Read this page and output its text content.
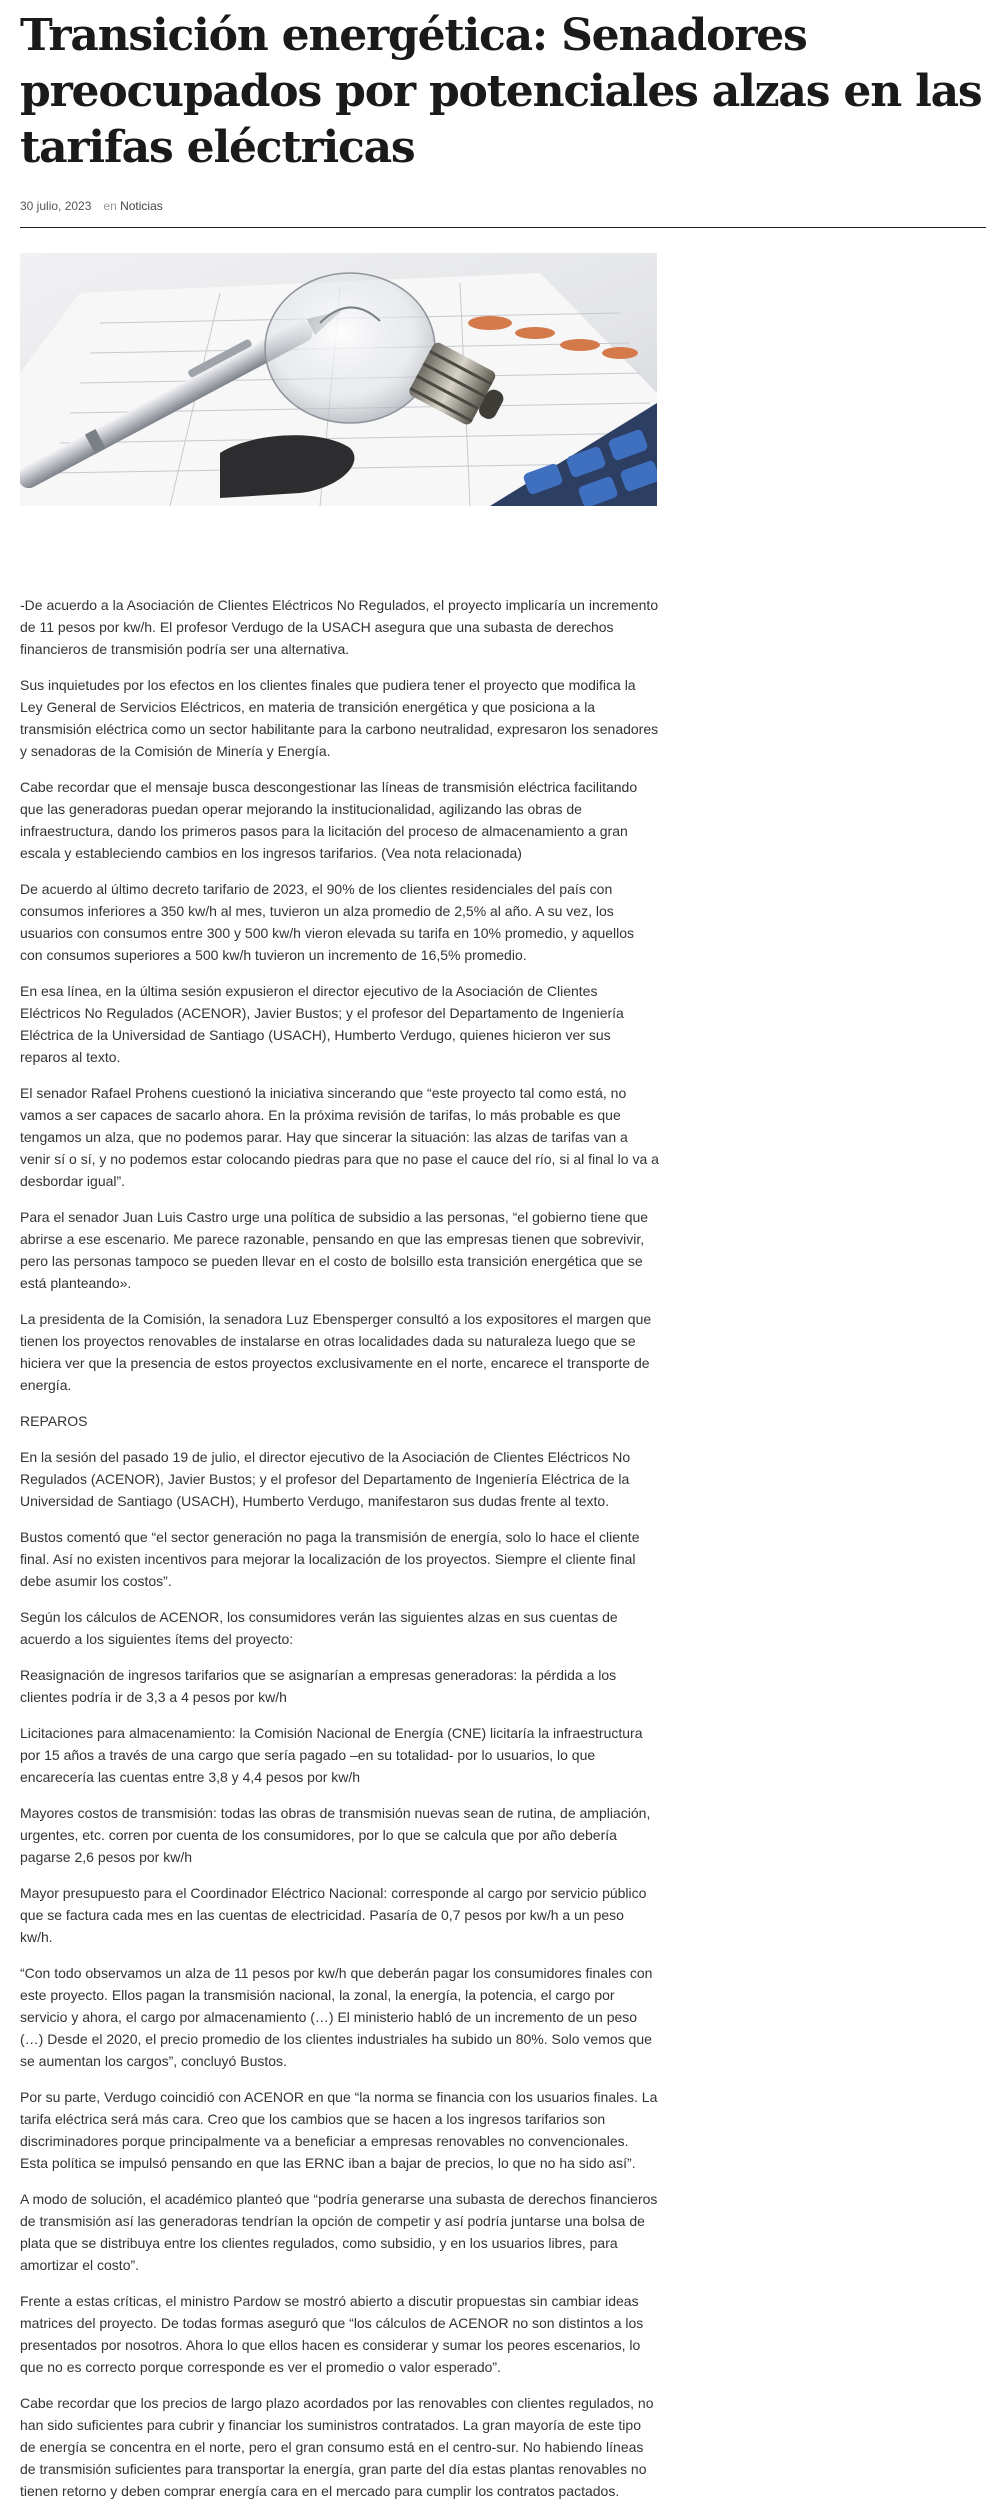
Transición energética: Senadores preocupados por potenciales alzas en las tarifas eléctricas
30 julio, 2023 en Noticias

-De acuerdo a la Asociación de Clientes Eléctricos No Regulados, el proyecto implicaría un incremento de 11 pesos por kw/h. El profesor Verdugo de la USACH asegura que una subasta de derechos financieros de transmisión podría ser una alternativa.

Sus inquietudes por los efectos en los clientes finales que pudiera tener el proyecto que modifica la Ley General de Servicios Eléctricos, en materia de transición energética y que posiciona a la transmisión eléctrica como un sector habilitante para la carbono neutralidad, expresaron los senadores y senadoras de la Comisión de Minería y Energía.

Cabe recordar que el mensaje busca descongestionar las líneas de transmisión eléctrica facilitando que las generadoras puedan operar mejorando la institucionalidad, agilizando las obras de infraestructura, dando los primeros pasos para la licitación del proceso de almacenamiento a gran escala y estableciendo cambios en los ingresos tarifarios. (Vea nota relacionada)

De acuerdo al último decreto tarifario de 2023, el 90% de los clientes residenciales del país con consumos inferiores a 350 kw/h al mes, tuvieron un alza promedio de 2,5% al año. A su vez, los usuarios con consumos entre 300 y 500 kw/h vieron elevada su tarifa en 10% promedio, y aquellos con consumos superiores a 500 kw/h tuvieron un incremento de 16,5% promedio.

En esa línea, en la última sesión expusieron el director ejecutivo de la Asociación de Clientes Eléctricos No Regulados (ACENOR), Javier Bustos; y el profesor del Departamento de Ingeniería Eléctrica de la Universidad de Santiago (USACH), Humberto Verdugo, quienes hicieron ver sus reparos al texto.

El senador Rafael Prohens cuestionó la iniciativa sincerando que “este proyecto tal como está, no vamos a ser capaces de sacarlo ahora. En la próxima revisión de tarifas, lo más probable es que tengamos un alza, que no podemos parar. Hay que sincerar la situación: las alzas de tarifas van a venir sí o sí, y no podemos estar colocando piedras para que no pase el cauce del río, si al final lo va a desbordar igual”.

Para el senador Juan Luis Castro urge una política de subsidio a las personas, “el gobierno tiene que abrirse a ese escenario. Me parece razonable, pensando en que las empresas tienen que sobrevivir, pero las personas tampoco se pueden llevar en el costo de bolsillo esta transición energética que se está planteando».

La presidenta de la Comisión, la senadora Luz Ebensperger consultó a los expositores el margen que tienen los proyectos renovables de instalarse en otras localidades dada su naturaleza luego que se hiciera ver que la presencia de estos proyectos exclusivamente en el norte, encarece el transporte de energía.

REPAROS

En la sesión del pasado 19 de julio, el director ejecutivo de la Asociación de Clientes Eléctricos No Regulados (ACENOR), Javier Bustos; y el profesor del Departamento de Ingeniería Eléctrica de la Universidad de Santiago (USACH), Humberto Verdugo, manifestaron sus dudas frente al texto.

Bustos comentó que “el sector generación no paga la transmisión de energía, solo lo hace el cliente final. Así no existen incentivos para mejorar la localización de los proyectos. Siempre el cliente final debe asumir los costos”.

Según los cálculos de ACENOR, los consumidores verán las siguientes alzas en sus cuentas de acuerdo a los siguientes ítems del proyecto:

Reasignación de ingresos tarifarios que se asignarían a empresas generadoras: la pérdida a los clientes podría ir de 3,3 a 4 pesos por kw/h

Licitaciones para almacenamiento: la Comisión Nacional de Energía (CNE) licitaría la infraestructura por 15 años a través de una cargo que sería pagado –en su totalidad- por lo usuarios, lo que encarecería las cuentas entre 3,8 y 4,4 pesos por kw/h

Mayores costos de transmisión: todas las obras de transmisión nuevas sean de rutina, de ampliación, urgentes, etc. corren por cuenta de los consumidores, por lo que se calcula que por año debería pagarse 2,6 pesos por kw/h

Mayor presupuesto para el Coordinador Eléctrico Nacional: corresponde al cargo por servicio público que se factura cada mes en las cuentas de electricidad. Pasaría de 0,7 pesos por kw/h a un peso kw/h.

“Con todo observamos un alza de 11 pesos por kw/h que deberán pagar los consumidores finales con este proyecto. Ellos pagan la transmisión nacional, la zonal, la energía, la potencia, el cargo por servicio y ahora, el cargo por almacenamiento (…) El ministerio habló de un incremento de un peso (…) Desde el 2020, el precio promedio de los clientes industriales ha subido un 80%. Solo vemos que se aumentan los cargos”, concluyó Bustos.

Por su parte, Verdugo coincidió con ACENOR en que “la norma se financia con los usuarios finales. La tarifa eléctrica será más cara. Creo que los cambios que se hacen a los ingresos tarifarios son discriminadores porque principalmente va a beneficiar a empresas renovables no convencionales. Esta política se impulsó pensando en que las ERNC iban a bajar de precios, lo que no ha sido así”.

A modo de solución, el académico planteó que “podría generarse una subasta de derechos financieros de transmisión así las generadoras tendrían la opción de competir y así podría juntarse una bolsa de plata que se distribuya entre los clientes regulados, como subsidio, y en los usuarios libres, para amortizar el costo”.

Frente a estas críticas, el ministro Pardow se mostró abierto a discutir propuestas sin cambiar ideas matrices del proyecto. De todas formas aseguró que “los cálculos de ACENOR no son distintos a los presentados por nosotros. Ahora lo que ellos hacen es considerar y sumar los peores escenarios, lo que no es correcto porque corresponde es ver el promedio o valor esperado”.

Cabe recordar que los precios de largo plazo acordados por las renovables con clientes regulados, no han sido suficientes para cubrir y financiar los suministros contratados. La gran mayoría de este tipo de energía se concentra en el norte, pero el gran consumo está en el centro-sur. No habiendo líneas de transmisión suficientes para transportar la energía, gran parte del día estas plantas renovables no tienen retorno y deben comprar energía cara en el mercado para cumplir los contratos pactados.
